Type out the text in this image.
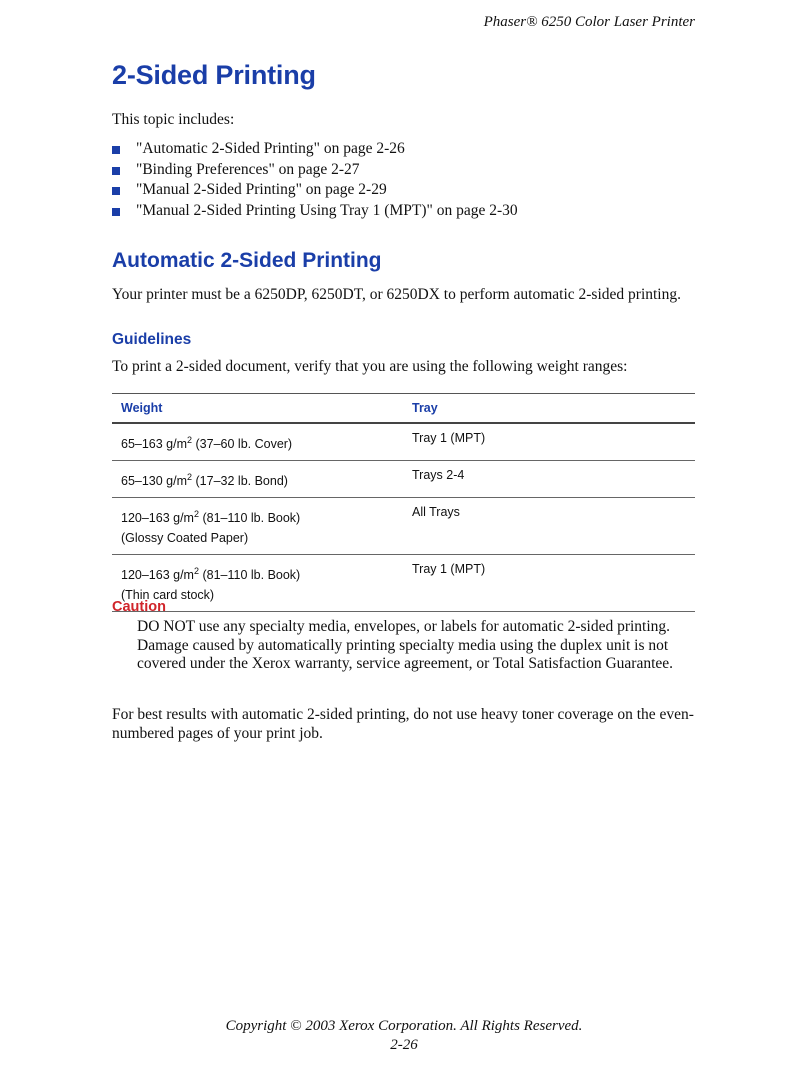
Phaser® 6250 Color Laser Printer
2-Sided Printing

This topic includes:

"Automatic 2-Sided Printing" on page 2-26
"Binding Preferences" on page 2-27
"Manual 2-Sided Printing" on page 2-29
"Manual 2-Sided Printing Using Tray 1 (MPT)" on page 2-30
Automatic 2-Sided Printing

Your printer must be a 6250DP, 6250DT, or 6250DX to perform automatic 2-sided printing.

Guidelines

To print a 2-sided document, verify that you are using the following weight ranges:

Weight	Tray
65–163 $g/m^2$ (37–60 lb. Cover)	Tray 1 (MPT)
65–130 $g/m^2$ (17–32 lb. Bond)	Trays 2-4
120–163 $g/m^2$ (81–110 lb. Book)
(Glossy Coated Paper)	All Trays
120–163 $g/m^2$ (81–110 lb. Book)
(Thin card stock)	Tray 1 (MPT)
Caution

DO NOT use any specialty media, envelopes, or labels for automatic 2-sided printing. Damage caused by automatically printing specialty media using the duplex unit is not covered under the Xerox warranty, service agreement, or Total Satisfaction Guarantee.

For best results with automatic 2-sided printing, do not use heavy toner coverage on the even-numbered pages of your print job.

Copyright © 2003 Xerox Corporation. All Rights Reserved.
2-26
